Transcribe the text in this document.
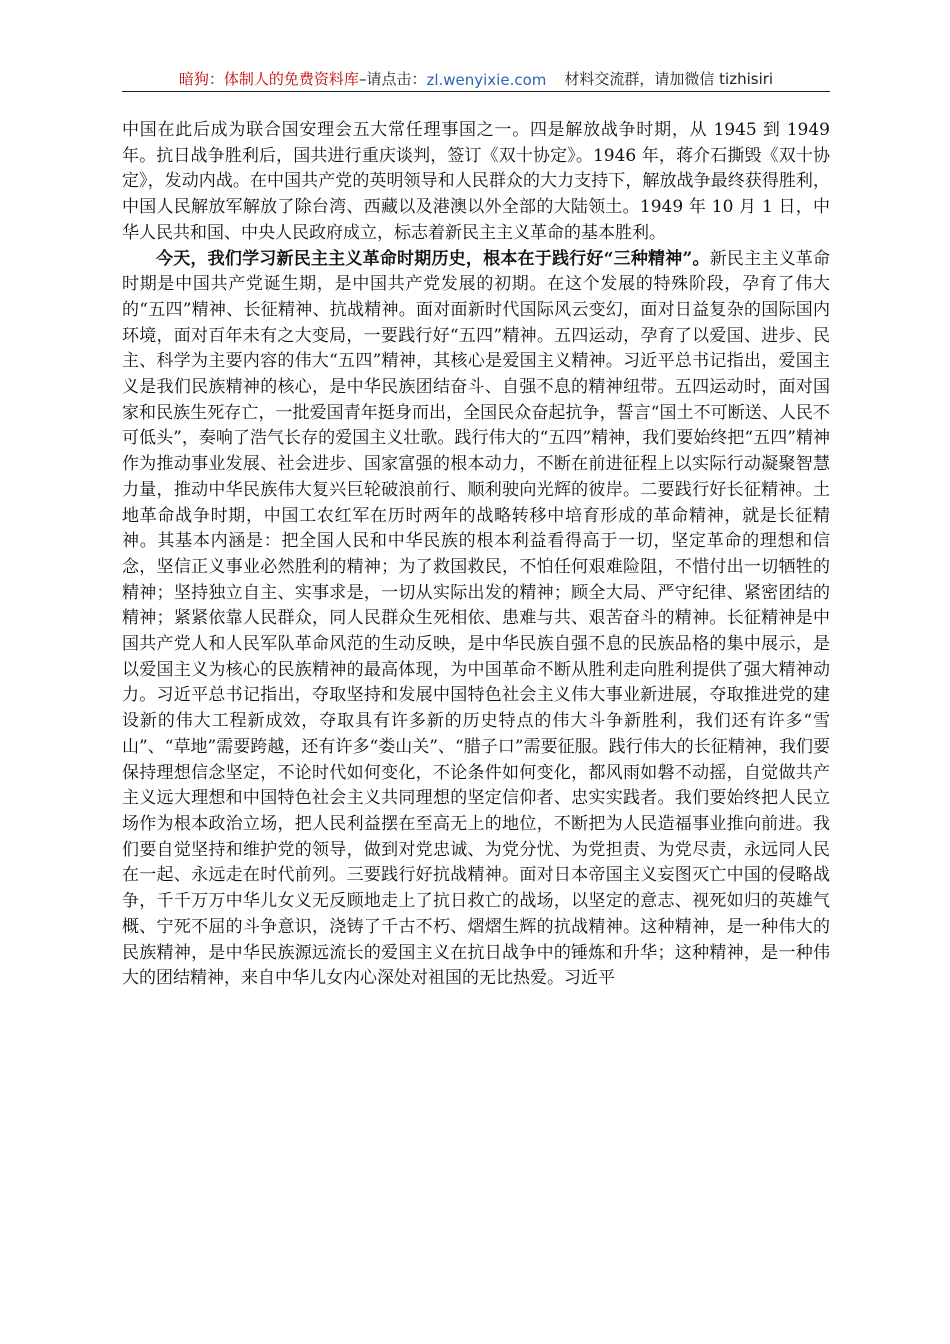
暗狗：体制人的免费资料库 –请点击： zl.wenyixie.com 材料交流群，请加微信 tizhisiri

中国在此后成为联合国安理会五大常任理事国之一。四是解放战争时期，从 1945 到 1949 年。抗日战争胜利后，国共进行重庆谈判，签订《双十协定》。1946 年，蒋介石撕毁《双十协定》，发动内战。在中国共产党的英明领导和人民群众的大力支持下，解放战争最终获得胜利，中国人民解放军解放了除台湾、西藏以及港澳以外全部的大陆领土。1949 年 10 月 1 日，中华人民共和国、中央人民政府成立，标志着新民主主义革命的基本胜利。

今天，我们学习新民主主义革命时期历史，根本在于践行好“三种精神”。新民主主义革命时期是中国共产党诞生期，是中国共产党发展的初期。在这个发展的特殊阶段，孕育了伟大的“五四”精神、长征精神、抗战精神。面对面新时代国际风云变幻，面对日益复杂的国际国内环境，面对百年未有之大变局，一要践行好“五四”精神。五四运动，孕育了以爱国、进步、民主、科学为主要内容的伟大“五四”精神，其核心是爱国主义精神。习近平总书记指出，爱国主义是我们民族精神的核心，是中华民族团结奋斗、自强不息的精神纽带。五四运动时，面对国家和民族生死存亡，一批爱国青年挺身而出，全国民众奋起抗争，誓言“国土不可断送、人民不可低头”，奏响了浩气长存的爱国主义壮歌。践行伟大的“五四”精神，我们要始终把“五四”精神作为推动事业发展、社会进步、国家富强的根本动力，不断在前进征程上以实际行动凝聚智慧力量，推动中华民族伟大复兴巨轮破浪前行、顺利驶向光辉的彼岸。二要践行好长征精神。土地革命战争时期，中国工农红军在历时两年的战略转移中培育形成的革命精神，就是长征精神。其基本内涵是：把全国人民和中华民族的根本利益看得高于一切，坚定革命的理想和信念，坚信正义事业必然胜利的精神；为了救国救民，不怕任何艰难险阻，不惜付出一切牺牲的精神；坚持独立自主、实事求是，一切从实际出发的精神；顾全大局、严守纪律、紧密团结的精神；紧紧依靠人民群众，同人民群众生死相依、患难与共、艰苦奋斗的精神。长征精神是中国共产党人和人民军队革命风范的生动反映，是中华民族自强不息的民族品格的集中展示，是以爱国主义为核心的民族精神的最高体现，为中国革命不断从胜利走向胜利提供了强大精神动力。习近平总书记指出，夺取坚持和发展中国特色社会主义伟大事业新进展，夺取推进党的建设新的伟大工程新成效，夺取具有许多新的历史特点的伟大斗争新胜利，我们还有许多“雪山”、“草地”需要跨越，还有许多“娄山关”、“腊子口”需要征服。践行伟大的长征精神，我们要保持理想信念坚定，不论时代如何变化，不论条件如何变化，都风雨如磐不动摇，自觉做共产主义远大理想和中国特色社会主义共同理想的坚定信仰者、忠实实践者。我们要始终把人民立场作为根本政治立场，把人民利益摆在至高无上的地位，不断把为人民造福事业推向前进。我们要自觉坚持和维护党的领导，做到对党忠诚、为党分忧、为党担责、为党尽责，永远同人民在一起、永远走在时代前列。三要践行好抗战精神。面对日本帝国主义妄图灭亡中国的侵略战争，千千万万中华儿女义无反顾地走上了抗日救亡的战场，以坚定的意志、视死如归的英雄气概、宁死不屈的斗争意识，浇铸了千古不朽、熠熠生辉的抗战精神。这种精神，是一种伟大的民族精神，是中华民族源远流长的爱国主义在抗日战争中的锤炼和升华；这种精神，是一种伟大的团结精神，来自中华儿女内心深处对祖国的无比热爱。习近平
